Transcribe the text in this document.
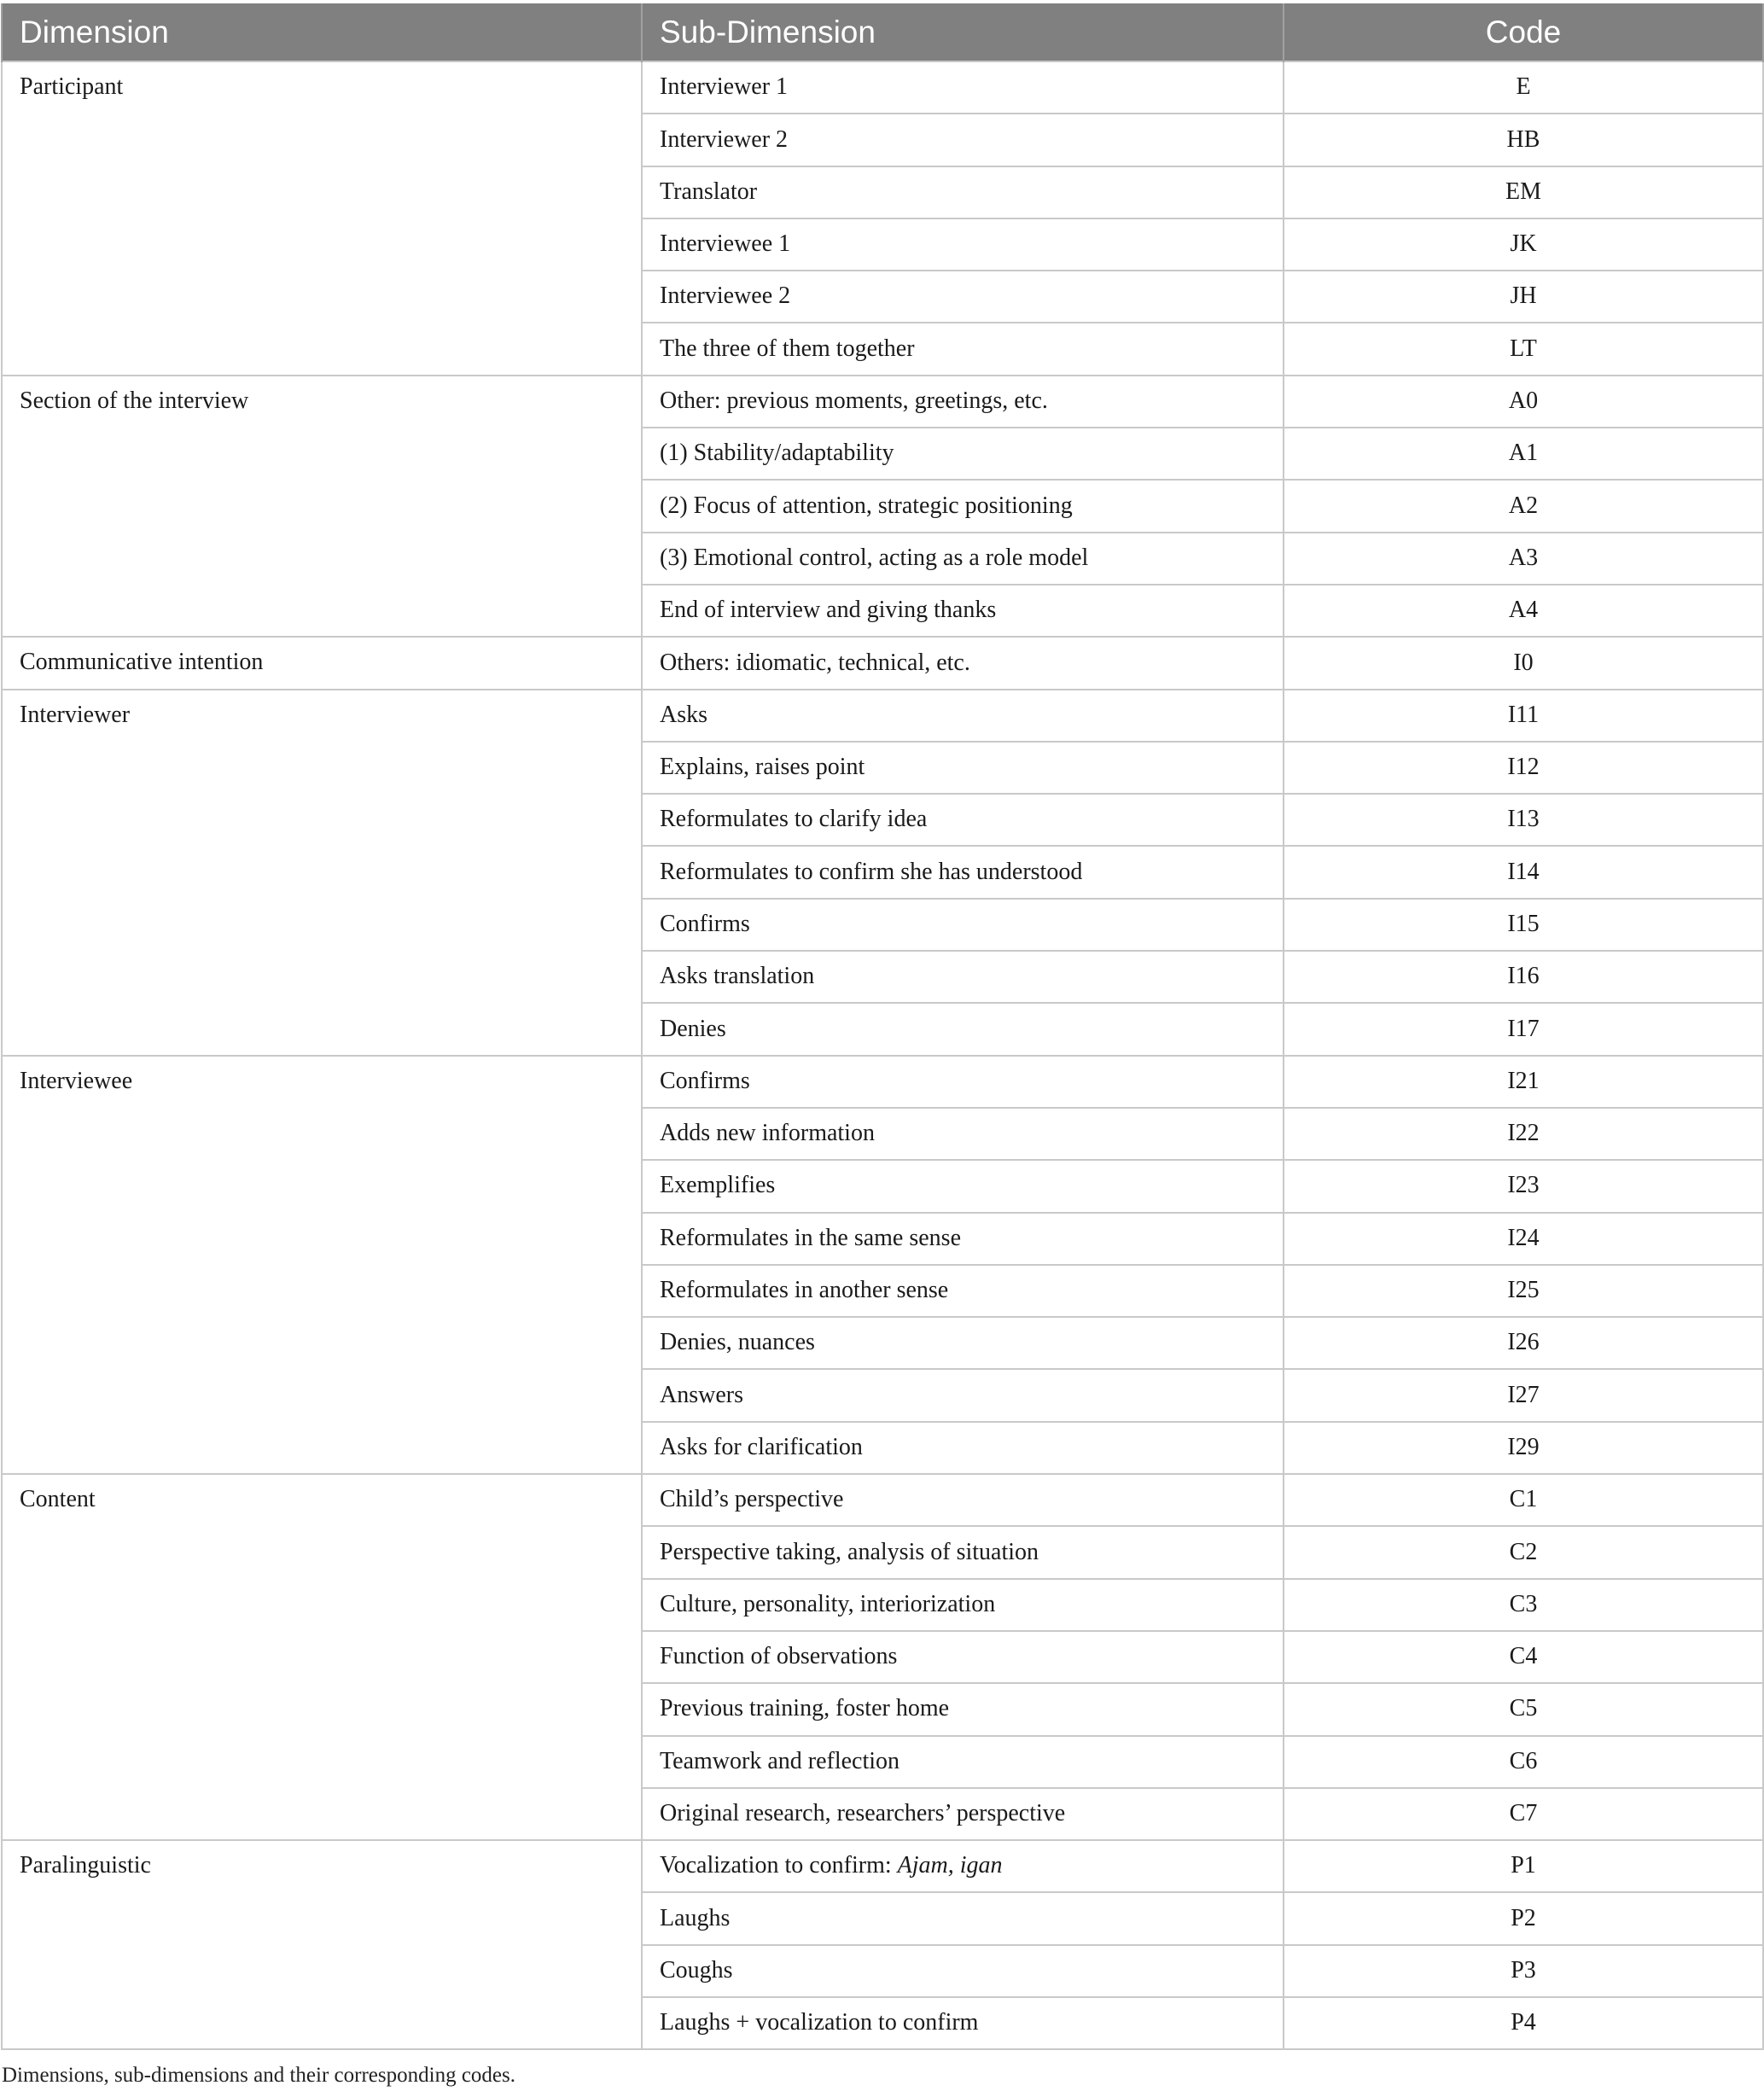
Dimension	Sub-Dimension	Code
Participant	Interviewer 1	E
	Interviewer 2	HB
	Translator	EM
	Interviewee 1	JK
	Interviewee 2	JH
	The three of them together	LT
Section of the interview	Other: previous moments, greetings, etc.	A0
	(1) Stability/adaptability	A1
	(2) Focus of attention, strategic positioning	A2
	(3) Emotional control, acting as a role model	A3
	End of interview and giving thanks	A4
Communicative intention	Others: idiomatic, technical, etc.	I0
Interviewer	Asks	I11
	Explains, raises point	I12
	Reformulates to clarify idea	I13
	Reformulates to confirm she has understood	I14
	Confirms	I15
	Asks translation	I16
	Denies	I17
Interviewee	Confirms	I21
	Adds new information	I22
	Exemplifies	I23
	Reformulates in the same sense	I24
	Reformulates in another sense	I25
	Denies, nuances	I26
	Answers	I27
	Asks for clarification	I29
Content	Child’s perspective	C1
	Perspective taking, analysis of situation	C2
	Culture, personality, interiorization	C3
	Function of observations	C4
	Previous training, foster home	C5
	Teamwork and reflection	C6
	Original research, researchers’ perspective	C7
Paralinguistic	Vocalization to confirm: Ajam, igan	P1
	Laughs	P2
	Coughs	P3
	Laughs + vocalization to confirm	P4
Dimensions, sub-dimensions and their corresponding codes.
